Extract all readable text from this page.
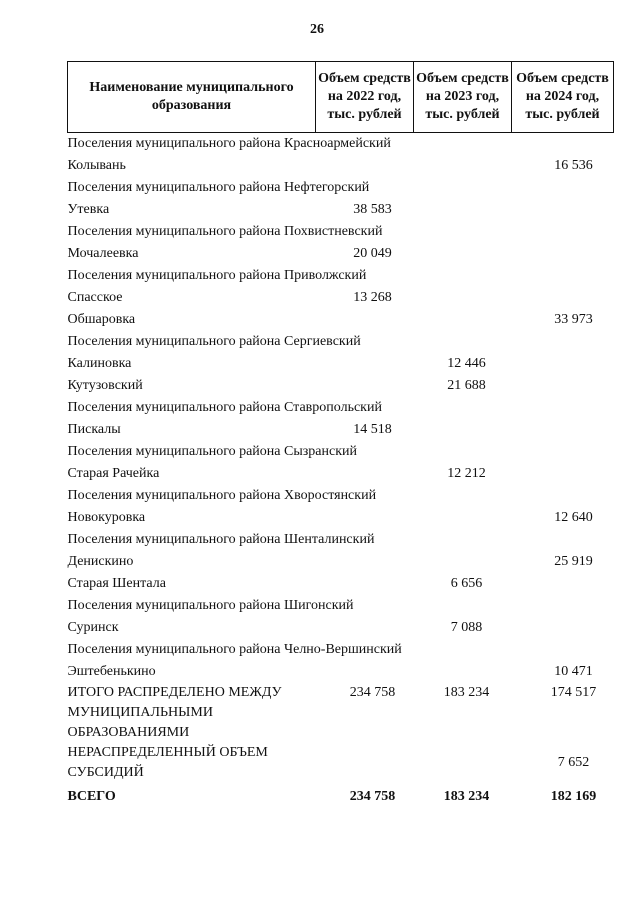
26
Наименование муниципального образования	Объем средств на 2022 год, тыс. рублей	Объем средств на 2023 год, тыс. рублей	Объем средств на 2024 год, тыс. рублей
Поселения муниципального района Красноармейский			
Колывань			16 536
Поселения муниципального района Нефтегорский			
Утевка	38 583		
Поселения муниципального района Похвистневский			
Мочалеевка	20 049		
Поселения муниципального района Приволжский			
Спасское	13 268		
Обшаровка			33 973
Поселения муниципального района Сергиевский			
Калиновка		12 446	
Кутузовский		21 688	
Поселения муниципального района Ставропольский			
Пискалы	14 518		
Поселения муниципального района Сызранский			
Старая Рачейка		12 212	
Поселения муниципального района Хворостянский			
Новокуровка			12 640
Поселения муниципального района Шенталинский			
Денискино			25 919
Старая Шентала		6 656	
Поселения муниципального района Шигонский			
Суринск		7 088	
Поселения муниципального района Челно-Вершинский			
Эштебенькино			10 471
ИТОГО РАСПРЕДЕЛЕНО МЕЖДУ МУНИЦИПАЛЬНЫМИ ОБРАЗОВАНИЯМИ	234 758	183 234	174 517
НЕРАСПРЕДЕЛЕННЫЙ ОБЪЕМ СУБСИДИЙ			7 652
ВСЕГО	234 758	183 234	182 169
